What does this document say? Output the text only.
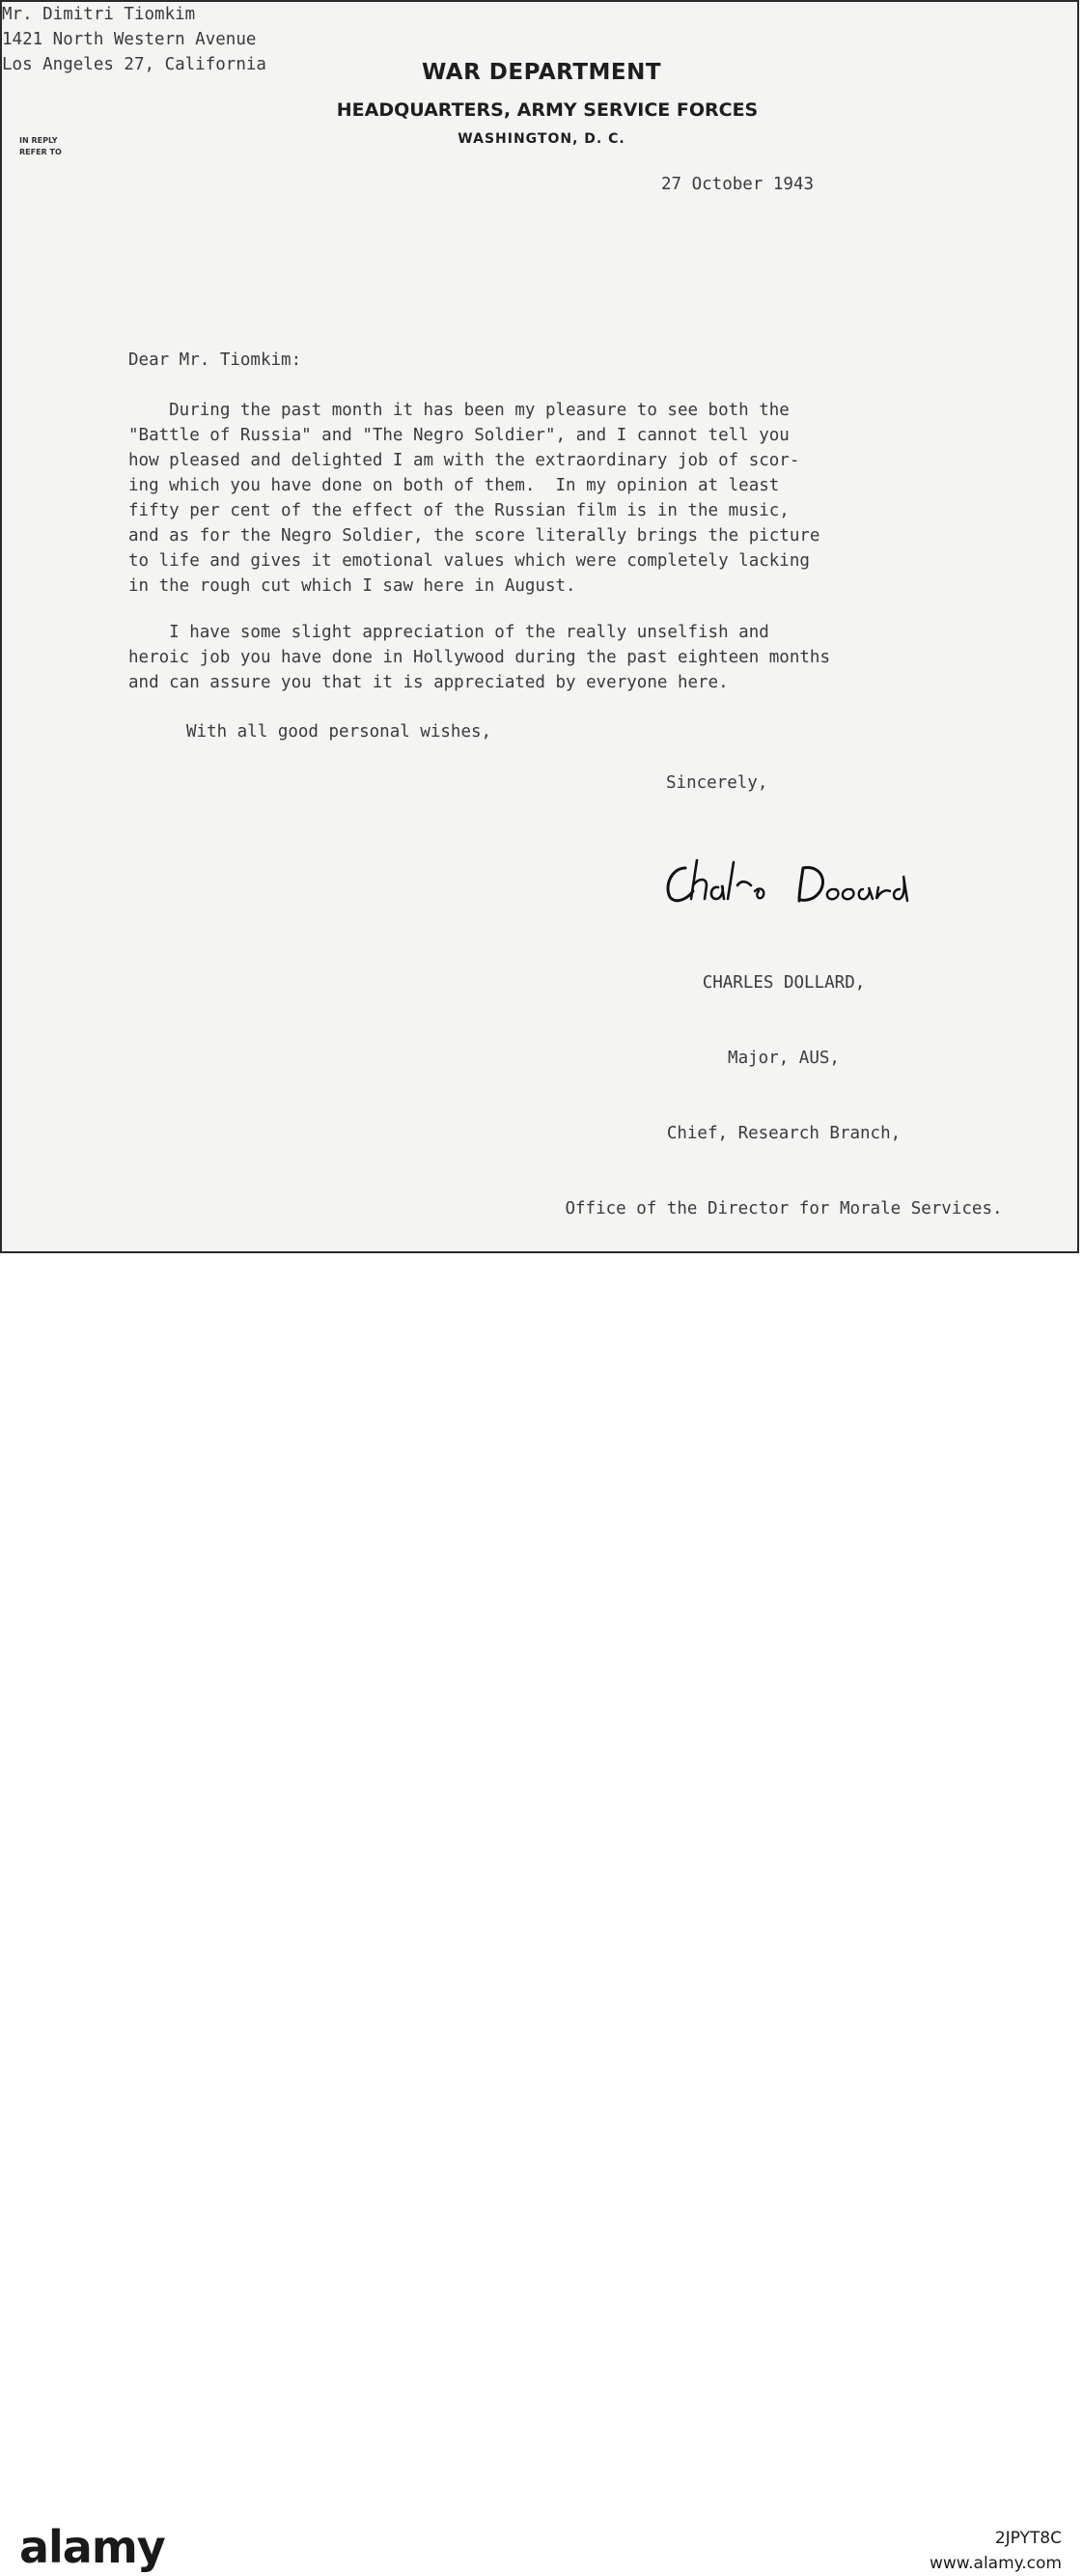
WAR DEPARTMENT
HEADQUARTERS, ARMY SERVICE FORCES
WASHINGTON, D. C.
IN REPLY
REFER TO
27 October 1943
Mr. Dimitri Tiomkim
1421 North Western Avenue
Los Angeles 27, California
Dear Mr. Tiomkim:
During the past month it has been my pleasure to see both the
"Battle of Russia" and "The Negro Soldier", and I cannot tell you
how pleased and delighted I am with the extraordinary job of scor-
ing which you have done on both of them.  In my opinion at least
fifty per cent of the effect of the Russian film is in the music,
and as for the Negro Soldier, the score literally brings the picture
to life and gives it emotional values which were completely lacking
in the rough cut which I saw here in August.
I have some slight appreciation of the really unselfish and
heroic job you have done in Hollywood during the past eighteen months
and can assure you that it is appreciated by everyone here.
With all good personal wishes,
Sincerely,

CHARLES DOLLARD,

Major, AUS,

Chief, Research Branch,

Office of the Director for Morale Services.

alamy	2JPYT8C
www.alamy.com
